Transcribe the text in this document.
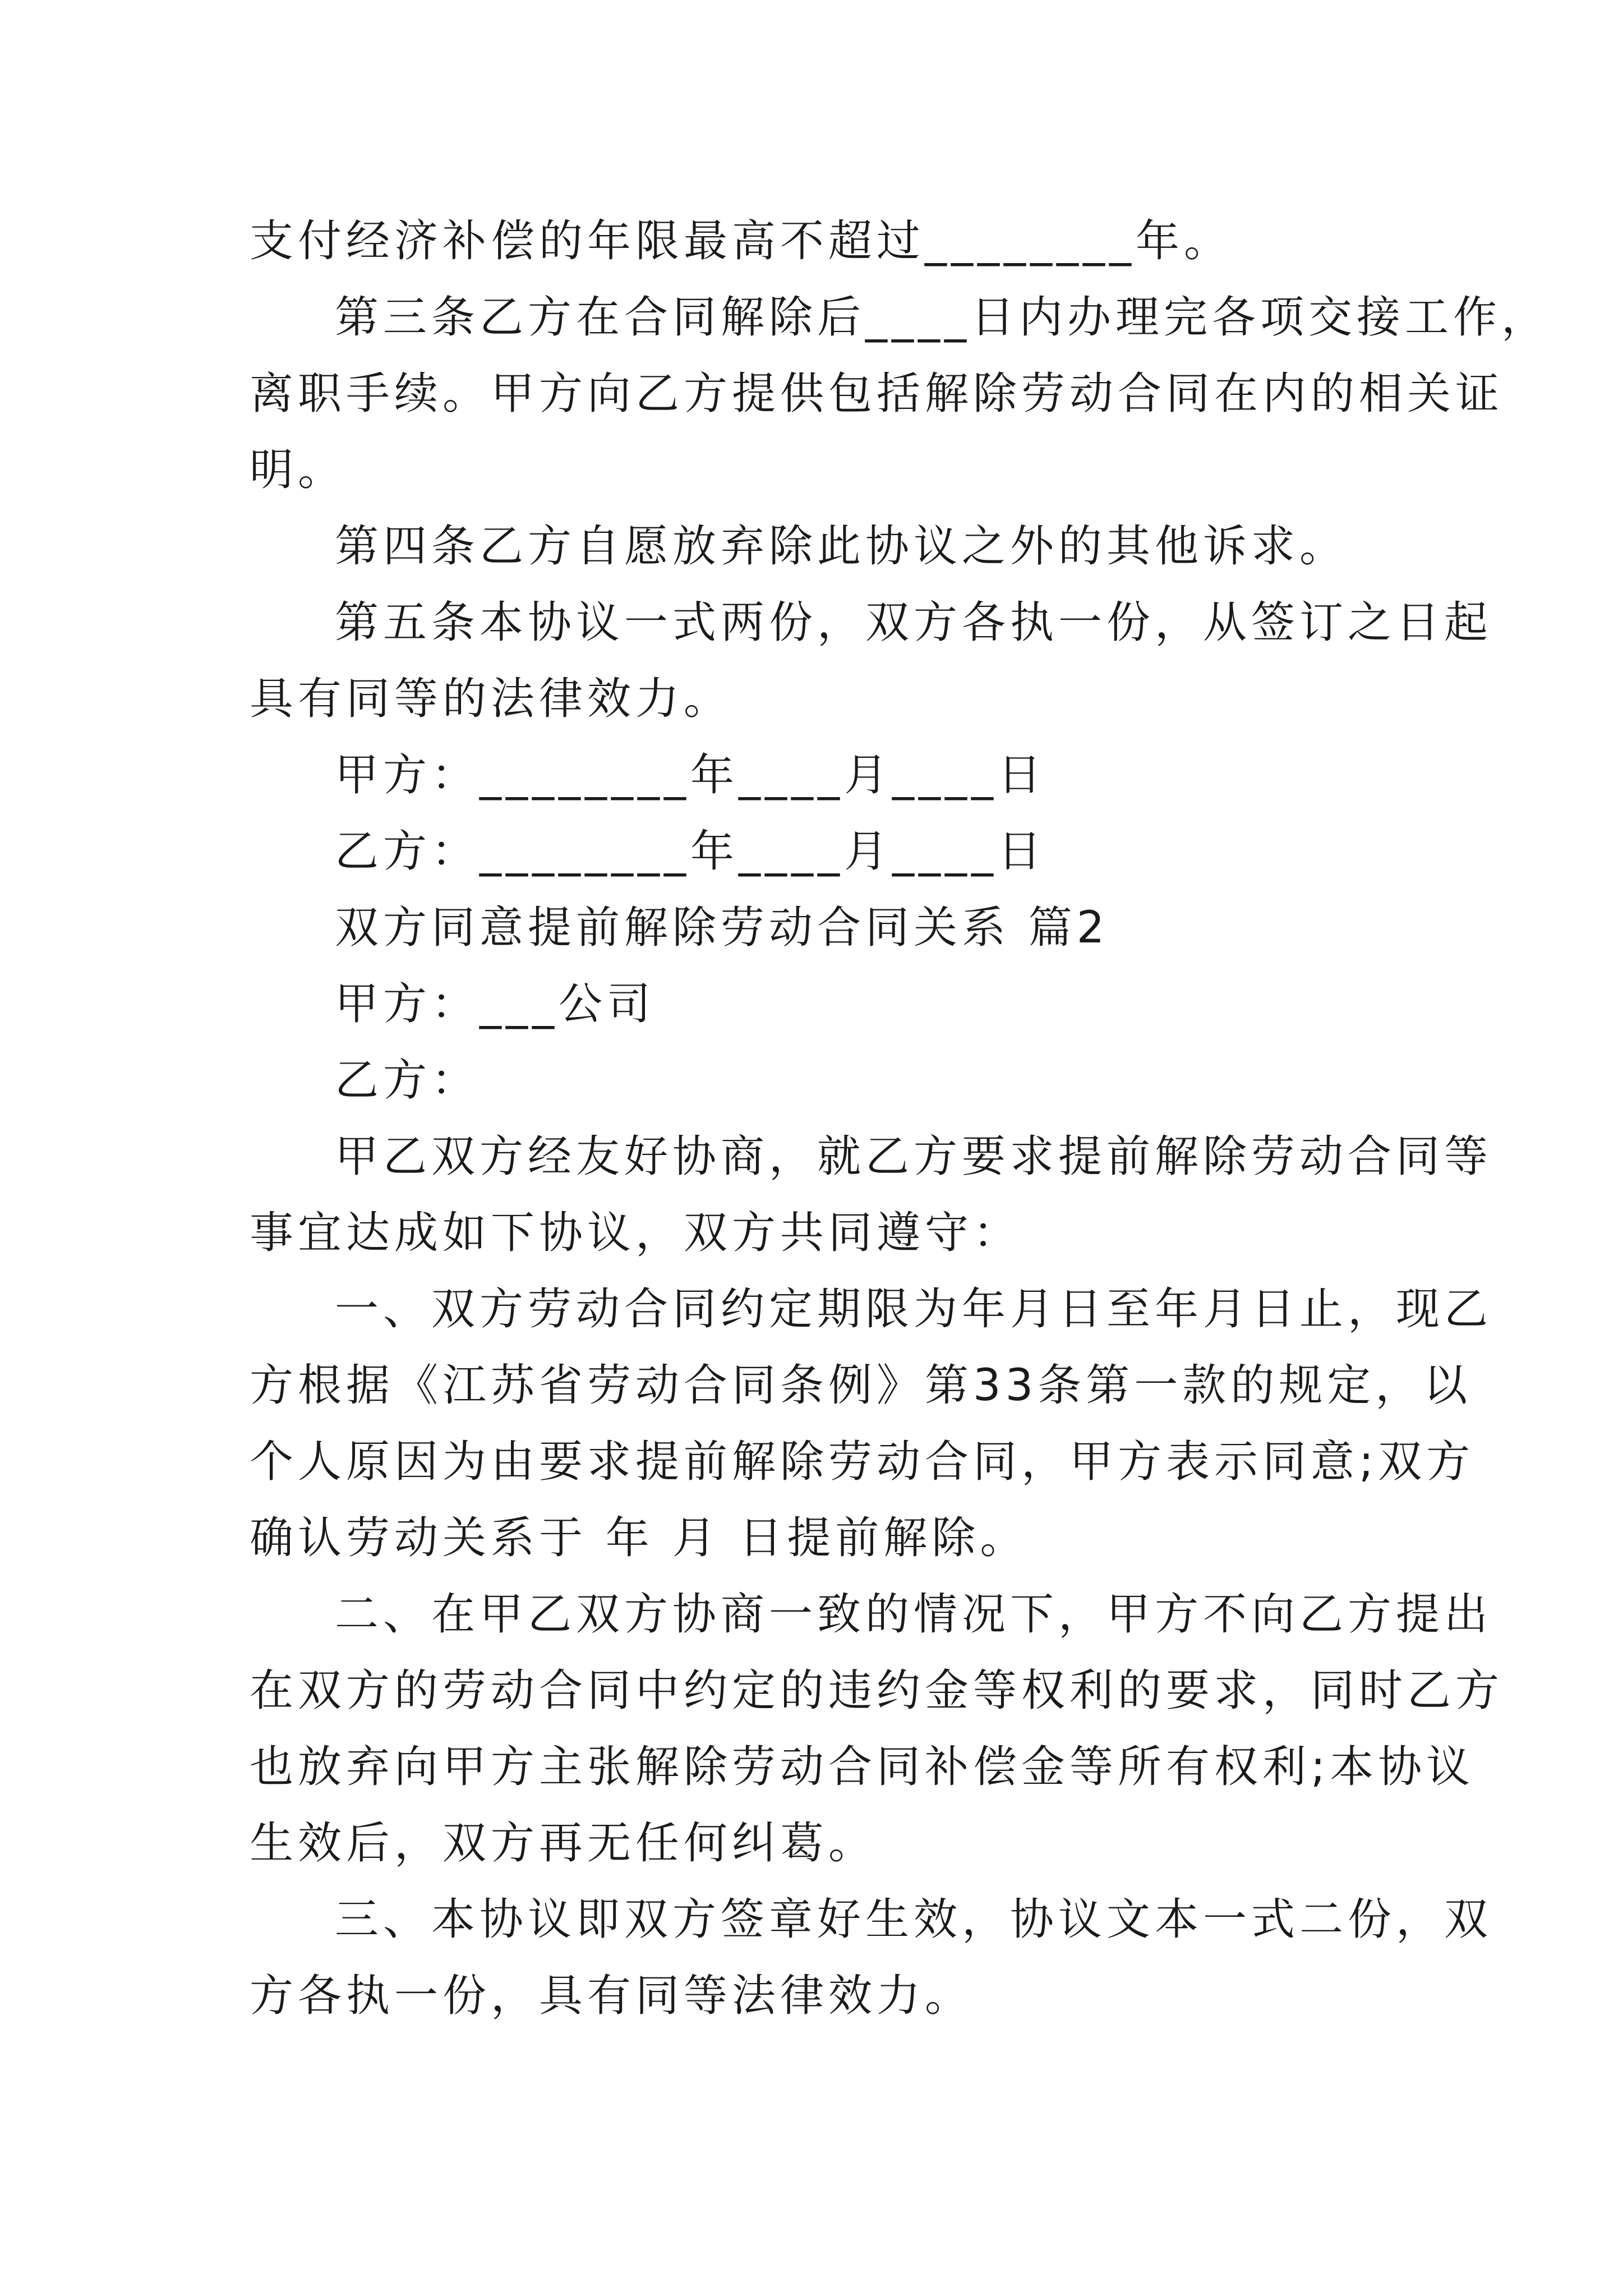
支付经济补偿的年限最高不超过________年。
第三条乙方在合同解除后____日内办理完各项交接工作，
离职手续。甲方向乙方提供包括解除劳动合同在内的相关证
明。
第四条乙方自愿放弃除此协议之外的其他诉求。
第五条本协议一式两份，双方各执一份，从签订之日起
具有同等的法律效力。
甲方：________年____月____日
乙方：________年____月____日
双方同意提前解除劳动合同关系 篇2
甲方：___公司
乙方：
甲乙双方经友好协商，就乙方要求提前解除劳动合同等
事宜达成如下协议，双方共同遵守：
一、双方劳动合同约定期限为年月日至年月日止，现乙
方根据《江苏省劳动合同条例》第33条第一款的规定，以
个人原因为由要求提前解除劳动合同，甲方表示同意;双方
确认劳动关系于 年 月 日提前解除。
二、在甲乙双方协商一致的情况下，甲方不向乙方提出
在双方的劳动合同中约定的违约金等权利的要求，同时乙方
也放弃向甲方主张解除劳动合同补偿金等所有权利;本协议
生效后，双方再无任何纠葛。
三、本协议即双方签章好生效，协议文本一式二份，双
方各执一份，具有同等法律效力。
